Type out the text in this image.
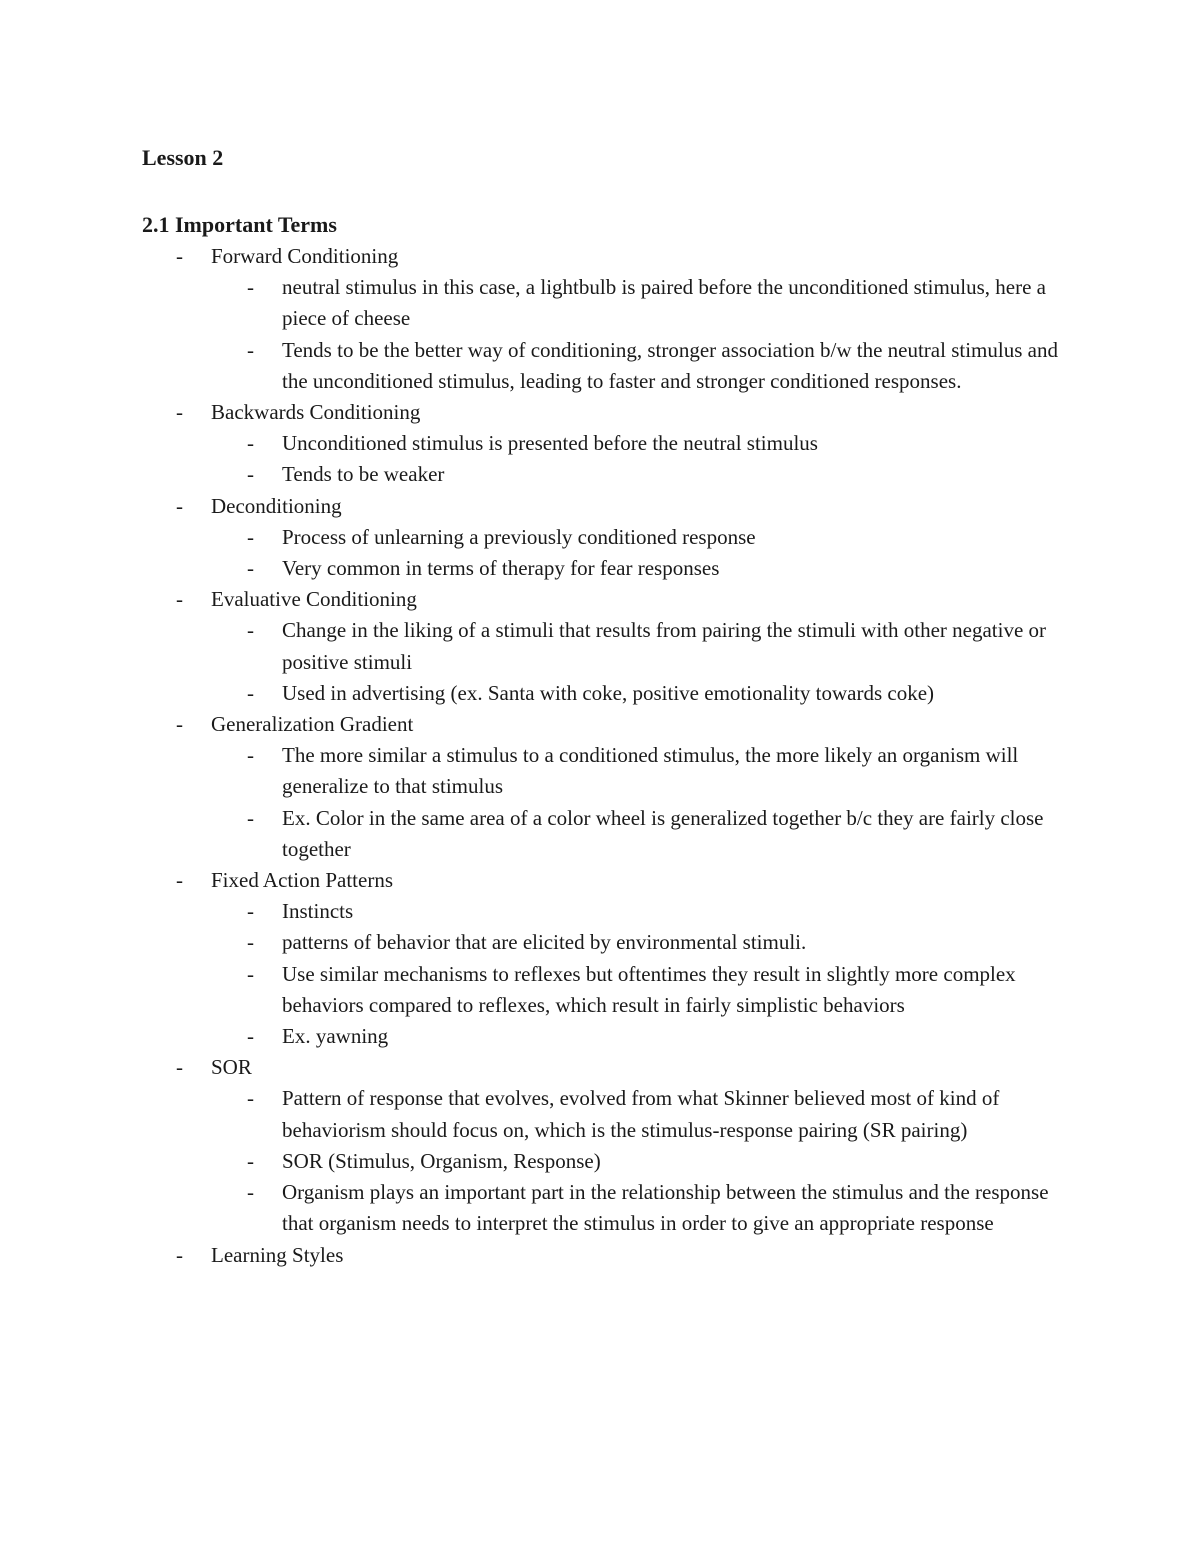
Lesson 2
2.1 Important Terms
- Forward Conditioning
-	neutral stimulus in this case, a lightbulb is paired before the unconditioned stimulus, here a piece of cheese
-	Tends to be the better way of conditioning, stronger association b/w the neutral stimulus and the unconditioned stimulus, leading to faster and stronger conditioned responses.
- Backwards Conditioning
-	Unconditioned stimulus is presented before the neutral stimulus
-	Tends to be weaker
- Deconditioning
-	Process of unlearning a previously conditioned response
-	Very common in terms of therapy for fear responses
- Evaluative Conditioning
-	Change in the liking of a stimuli that results from pairing the stimuli with other negative or positive stimuli
-	Used in advertising (ex. Santa with coke, positive emotionality towards coke)
- Generalization Gradient
-	The more similar a stimulus to a conditioned stimulus, the more likely an organism will generalize to that stimulus
-	Ex. Color in the same area of a color wheel is generalized together b/c they are fairly close together
- Fixed Action Patterns
-	Instincts
-	patterns of behavior that are elicited by environmental stimuli.
-	Use similar mechanisms to reflexes but oftentimes they result in slightly more complex behaviors compared to reflexes, which result in fairly simplistic behaviors
-	Ex. yawning
- SOR
-	Pattern of response that evolves, evolved from what Skinner believed most of kind of behaviorism should focus on, which is the stimulus-response pairing (SR pairing)
-	SOR (Stimulus, Organism, Response)
-	Organism plays an important part in the relationship between the stimulus and the response that organism needs to interpret the stimulus in order to give an appropriate response
- Learning Styles
